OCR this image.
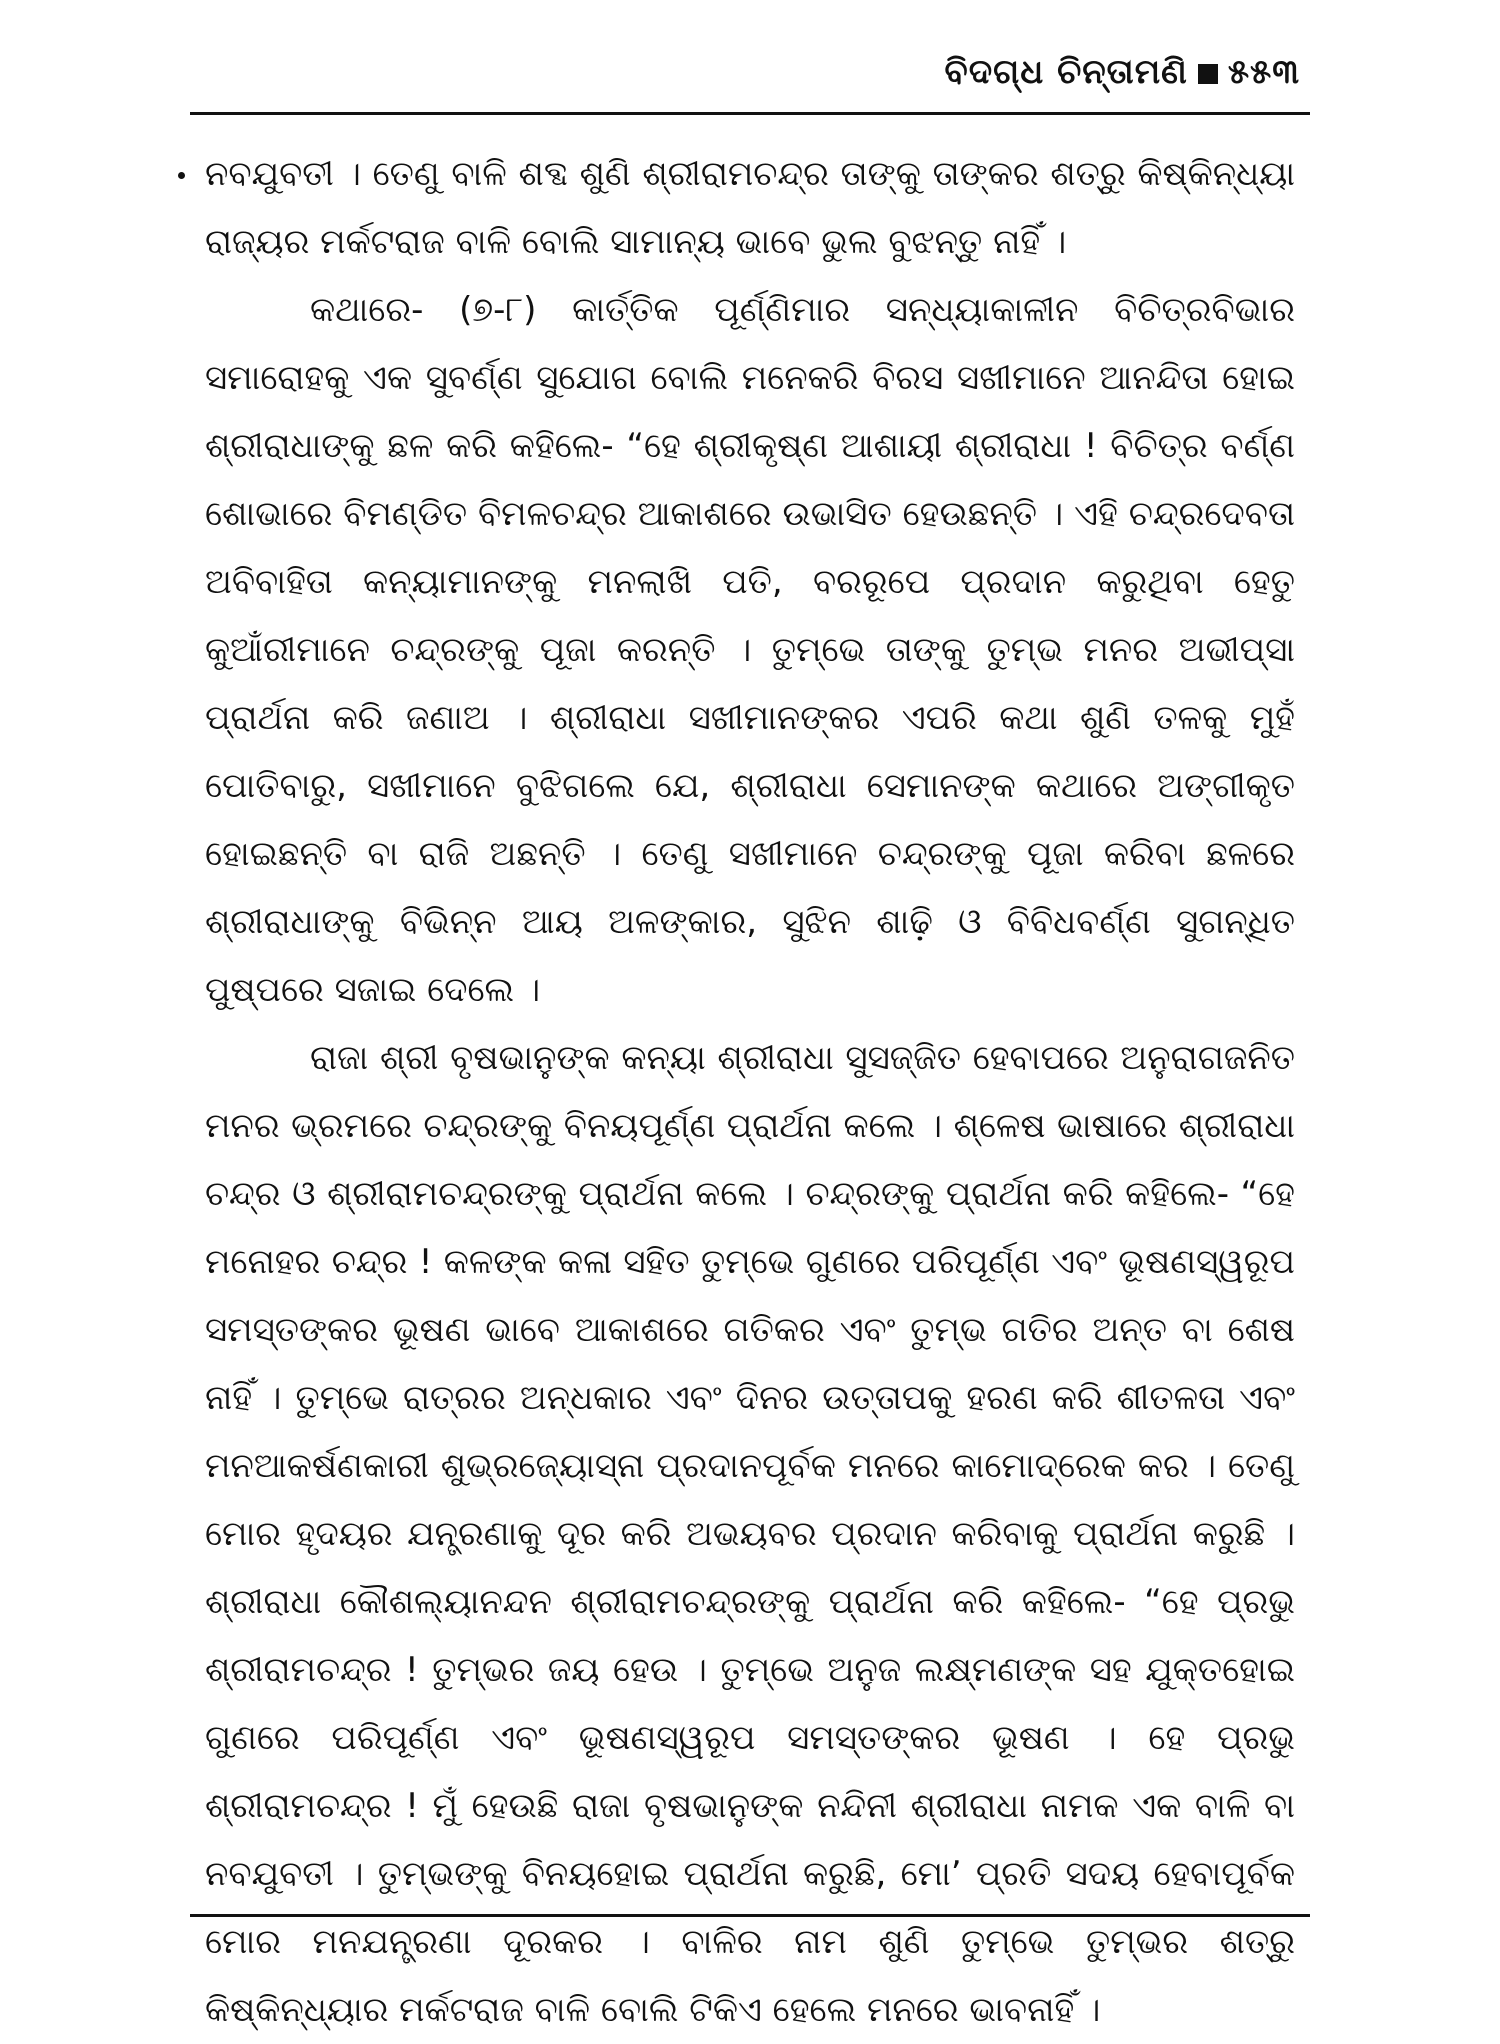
ବିଦଗ୍ଧ ଚିନ୍ତାମଣି ୫୫୩

ନବଯୁବତୀ । ତେଣୁ ବାଳି ଶବ୍ଦ ଶୁଣି ଶ୍ରୀରାମଚନ୍ଦ୍ର ତାଙ୍କୁ ତାଙ୍କର ଶତ୍ରୁ କିଷ୍କିନ୍ଧ୍ୟା ରାଜ୍ୟର ମର୍କଟରାଜ ବାଳି ବୋଲି ସାମାନ୍ୟ ଭାବେ ଭୁଲ ବୁଝନ୍ତୁ ନାହିଁ ।

କଥାରେ- (୭-୮) କାର୍ତ୍ତିକ ପୂର୍ଣ୍ଣିମାର ସନ୍ଧ୍ୟାକାଳୀନ ବିଚିତ୍ରବିଭାର ସମାରୋହକୁ ଏକ ସୁବର୍ଣ୍ଣ ସୁଯୋଗ ବୋଲି ମନେକରି ବିରସ ସଖୀମାନେ ଆନନ୍ଦିତା ହୋଇ ଶ୍ରୀରାଧାଙ୍କୁ ଛଳ କରି କହିଲେ- “ହେ ଶ୍ରୀକୃଷ୍ଣ ଆଶାୟୀ ଶ୍ରୀରାଧା ! ବିଚିତ୍ର ବର୍ଣ୍ଣ ଶୋଭାରେ ବିମଣ୍ଡିତ ବିମଳଚନ୍ଦ୍ର ଆକାଶରେ ଉଭାସିତ ହେଉଛନ୍ତି । ଏହି ଚନ୍ଦ୍ରଦେବତା ଅବିବାହିତା କନ୍ୟାମାନଙ୍କୁ ମନଲାଖି ପତି, ବରରୂପେ ପ୍ରଦାନ କରୁଥିବା ହେତୁ କୁଆଁରୀମାନେ ଚନ୍ଦ୍ରଙ୍କୁ ପୂଜା କରନ୍ତି । ତୁମ୍ଭେ ତାଙ୍କୁ ତୁମ୍ଭ ମନର ଅଭୀପ୍ସା ପ୍ରାର୍ଥନା କରି ଜଣାଅ । ଶ୍ରୀରାଧା ସଖୀମାନଙ୍କର ଏପରି କଥା ଶୁଣି ତଳକୁ ମୁହଁ ପୋତିବାରୁ, ସଖୀମାନେ ବୁଝିଗଲେ ଯେ, ଶ୍ରୀରାଧା ସେମାନଙ୍କ କଥାରେ ଅଙ୍ଗୀକୃତ ହୋଇଛନ୍ତି ବା ରାଜି ଅଛନ୍ତି । ତେଣୁ ସଖୀମାନେ ଚନ୍ଦ୍ରଙ୍କୁ ପୂଜା କରିବା ଛଳରେ ଶ୍ରୀରାଧାଙ୍କୁ ବିଭିନ୍ନ ଆୟ ଅଳଙ୍କାର, ସୁଝିନ ଶାଢ଼ି ଓ ବିବିଧବର୍ଣ୍ଣ ସୁଗନ୍ଧିତ ପୁଷ୍ପରେ ସଜାଇ ଦେଲେ ।

ରାଜା ଶ୍ରୀ ବୃଷଭାନୁଙ୍କ କନ୍ୟା ଶ୍ରୀରାଧା ସୁସଜ୍ଜିତ ହେବାପରେ ଅନୁରାଗଜନିତ ମନର ଭ୍ରମରେ ଚନ୍ଦ୍ରଙ୍କୁ ବିନୟପୂର୍ଣ୍ଣ ପ୍ରାର୍ଥନା କଲେ । ଶ୍ଳେଷ ଭାଷାରେ ଶ୍ରୀରାଧା ଚନ୍ଦ୍ର ଓ ଶ୍ରୀରାମଚନ୍ଦ୍ରଙ୍କୁ ପ୍ରାର୍ଥନା କଲେ । ଚନ୍ଦ୍ରଙ୍କୁ ପ୍ରାର୍ଥନା କରି କହିଲେ- “ହେ ମନୋହର ଚନ୍ଦ୍ର ! କଳଙ୍କ କଳା ସହିତ ତୁମ୍ଭେ ଗୁଣରେ ପରିପୂର୍ଣ୍ଣ ଏବଂ ଭୂଷଣସ୍ୱରୂପ ସମସ୍ତଙ୍କର ଭୂଷଣ ଭାବେ ଆକାଶରେ ଗତିକର ଏବଂ ତୁମ୍ଭ ଗତିର ଅନ୍ତ ବା ଶେଷ ନାହିଁ । ତୁମ୍ଭେ ରାତ୍ରର ଅନ୍ଧକାର ଏବଂ ଦିନର ଉତ୍ତାପକୁ ହରଣ କରି ଶୀତଳତା ଏବଂ ମନଆକର୍ଷଣକାରୀ ଶୁଭ୍ରଜ୍ୟୋସ୍ନା ପ୍ରଦାନପୂର୍ବକ ମନରେ କାମୋଦ୍ରେକ କର । ତେଣୁ ମୋର ହୃଦୟର ଯନ୍ତ୍ରଣାକୁ ଦୂର କରି ଅଭୟବର ପ୍ରଦାନ କରିବାକୁ ପ୍ରାର୍ଥନା କରୁଛି । ଶ୍ରୀରାଧା କୌଶଲ୍ୟାନନ୍ଦନ ଶ୍ରୀରାମଚନ୍ଦ୍ରଙ୍କୁ ପ୍ରାର୍ଥନା କରି କହିଲେ- “ହେ ପ୍ରଭୁ ଶ୍ରୀରାମଚନ୍ଦ୍ର ! ତୁମ୍ଭର ଜୟ ହେଉ । ତୁମ୍ଭେ ଅନୁଜ ଲକ୍ଷ୍ମଣଙ୍କ ସହ ଯୁକ୍ତହୋଇ ଗୁଣରେ ପରିପୂର୍ଣ୍ଣ ଏବଂ ଭୂଷଣସ୍ୱରୂପ ସମସ୍ତଙ୍କର ଭୂଷଣ । ହେ ପ୍ରଭୁ ଶ୍ରୀରାମଚନ୍ଦ୍ର ! ମୁଁ ହେଉଛି ରାଜା ବୃଷଭାନୁଙ୍କ ନନ୍ଦିନୀ ଶ୍ରୀରାଧା ନାମକ ଏକ ବାଳି ବା ନବଯୁବତୀ । ତୁମ୍ଭଙ୍କୁ ବିନୟହୋଇ ପ୍ରାର୍ଥନା କରୁଛି, ମୋ’ ପ୍ରତି ସଦୟ ହେବାପୂର୍ବକ ମୋର ମନଯନ୍ତ୍ରଣା ଦୂରକର । ବାଳିର ନାମ ଶୁଣି ତୁମ୍ଭେ ତୁମ୍ଭର ଶତ୍ରୁ କିଷ୍କିନ୍ଧ୍ୟାର ମର୍କଟରାଜ ବାଳି ବୋଲି ଟିକିଏ ହେଲେ ମନରେ ଭାବନାହିଁ ।
